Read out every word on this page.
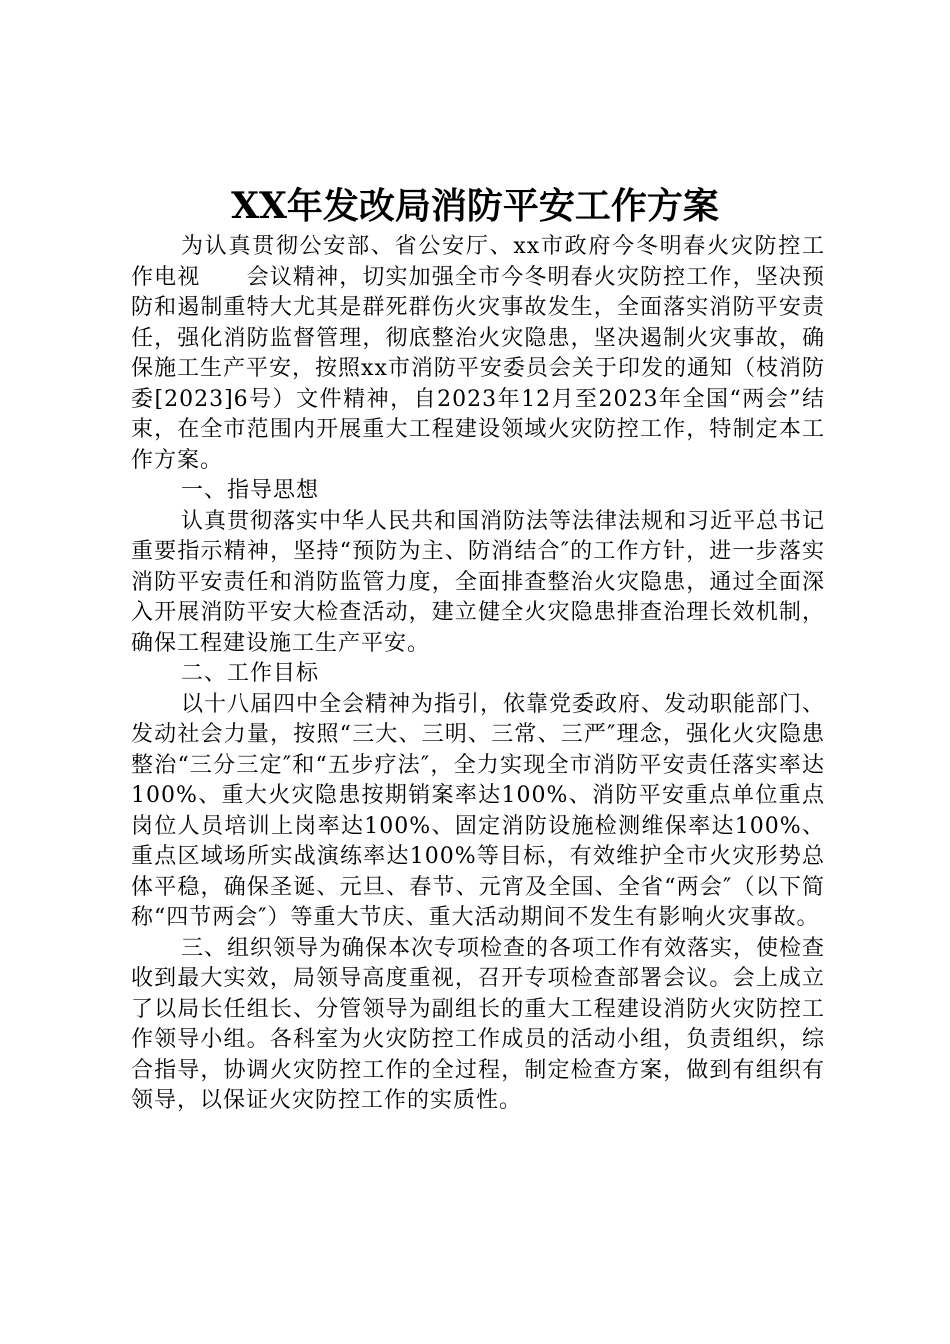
XX年发改局消防平安工作方案

为认真贯彻公安部、省公安厅、xx市政府今冬明春火灾防控工作电视　　会议精神，切实加强全市今冬明春火灾防控工作，坚决预防和遏制重特大尤其是群死群伤火灾事故发生，全面落实消防平安责任，强化消防监督管理，彻底整治火灾隐患，坚决遏制火灾事故，确保施工生产平安，按照xx市消防平安委员会关于印发的通知（枝消防委[2023]6号）文件精神，自2023年12月至2023年全国“两会”结束，在全市范围内开展重大工程建设领域火灾防控工作，特制定本工作方案。

一、指导思想

认真贯彻落实中华人民共和国消防法等法律法规和习近平总书记重要指示精神，坚持“预防为主、防消结合″的工作方针，进一步落实消防平安责任和消防监管力度，全面排查整治火灾隐患，通过全面深入开展消防平安大检查活动，建立健全火灾隐患排查治理长效机制，确保工程建设施工生产平安。

二、工作目标

以十八届四中全会精神为指引，依靠党委政府、发动职能部门、发动社会力量，按照“三大、三明、三常、三严″理念，强化火灾隐患整治“三分三定″和“五步疗法″，全力实现全市消防平安责任落实率达100%、重大火灾隐患按期销案率达100%、消防平安重点单位重点岗位人员培训上岗率达100%、固定消防设施检测维保率达100%、重点区域场所实战演练率达100%等目标，有效维护全市火灾形势总体平稳，确保圣诞、元旦、春节、元宵及全国、全省“两会″（以下简称“四节两会″）等重大节庆、重大活动期间不发生有影响火灾事故。

三、组织领导为确保本次专项检查的各项工作有效落实，使检查收到最大实效，局领导高度重视，召开专项检查部署会议。会上成立了以局长任组长、分管领导为副组长的重大工程建设消防火灾防控工作领导小组。各科室为火灾防控工作成员的活动小组，负责组织，综合指导，协调火灾防控工作的全过程，制定检查方案，做到有组织有领导，以保证火灾防控工作的实质性。
